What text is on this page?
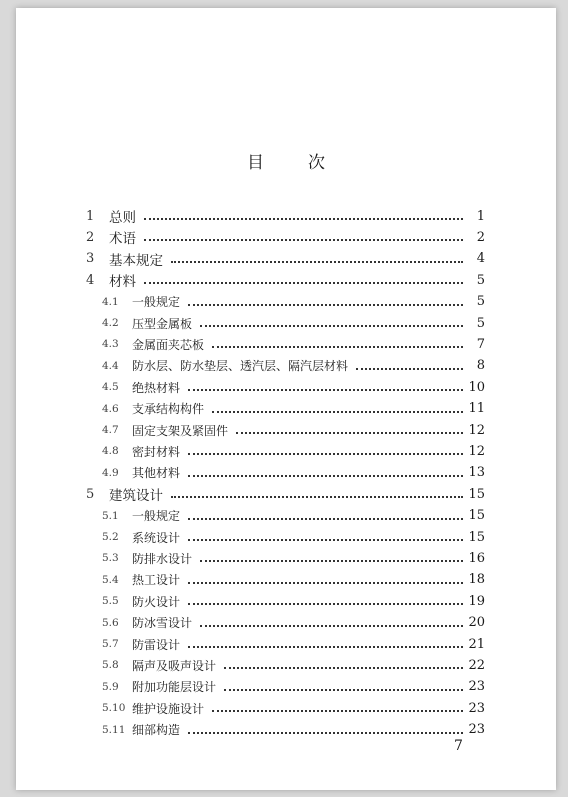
目	次
1 总则	1
2 术语	2
3 基本规定	4
4 材料	5
4.1 一般规定	5
4.2 压型金属板	5
4.3 金属面夹芯板	7
4.4 防水层、防水垫层、透汽层、隔汽层材料	8
4.5 绝热材料	10
4.6 支承结构构件	11
4.7 固定支架及紧固件	12
4.8 密封材料	12
4.9 其他材料	13
5 建筑设计	15
5.1 一般规定	15
5.2 系统设计	15
5.3 防排水设计	16
5.4 热工设计	18
5.5 防火设计	19
5.6 防冰雪设计	20
5.7 防雷设计	21
5.8 隔声及吸声设计	22
5.9 附加功能层设计	23
5.10 维护设施设计	23
5.11 细部构造	23
7
